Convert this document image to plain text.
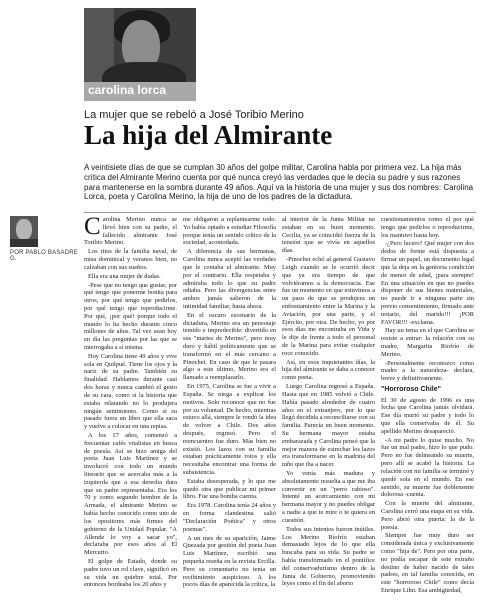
carolina lorca
La mujer que se rebeló a José Toribio Merino
La hija del Almirante

A veintisiete días de que se cumplan 30 años del golpe militar, Carolina habla por primera vez. La hija más crítica del Almirante Merino cuenta por qué nunca creyó las verdades que le decía su padre y sus razones para mantenerse en la sombra durante 49 años. Aquí va la historia de una mujer y sus dos nombres: Carolina Lorca, poeta y Carolina Merino, la hija de uno de los padres de la dictadura.

POR PABLO BASADRE G.

Carolina Merino nunca se llevó bien con su padre, el fallecido almirante José Toribio Merino.

Los ritos de la familia naval, de misa dominical y veranos bien, no calzaban con sus sueños.

Ella era una mujer de dudas.

-Pese que no tengo que gustar, por qué tengo que ponerme bonita para otros, por qué tengo que pedirlos, por qué tengo que reproducirme. Por qué, ¡por qué! porque todo el mundo lo ha hecho durante cinco millones de años. Tal vez sean hoy en día las preguntas por las que se interrogaba a sí misma.

Hoy Carolina tiene 49 años y vive sola en Quilpué. Tiene los ojos y la nariz de su padre. También su finalidad. Hablamos durante casi dos horas y nunca cambió el gesto de su cara, como si la historia que estaba relatando no lo produjera ningún sentimiento. Como si su pasado fuera un libro que ella saca y vuelve a colocar en una repisa.

A los 17 años, comenzó a frecuentar cafés vitalistas en busca de poesía. Así se hizo amiga del poeta Juan Luis Martínez y se involucró con todo un mundo literario que se acercaba más a la izquierda que a esa derecha dura que su padre representaba. Era los 70 y como segundo hombre de la Armada, el almirante Merino se había hecho conocido como uno de los opositores más firmes del gobierno de la Unidad Popular. "A Allende lo voy a sacar yo", declaraba por esos años al El Mercurio.

El golpe de Estado, donde su padre tuvo un rol clave, significó en su vida un quiebre total. Por entonces bordeaba los 20 años y

me obligaron a replantearme todo. Yo había optado a estudiar Filosofía porque tenía un sentido crítico de la sociedad, acomodada.

A diferencia de sus hermanas, Carolina nunca aceptó las verdades que le contaba el almirante. Muy por el contrario. Ella respetaba y admiraba todo lo que su padre odiaba. Pero las divergencias entre ambos jamás salieron de la intimidad familiar, hasta ahora.

En el oscuro escenario de la dictadura, Merino era un personaje temido e impredecible: divertido en sus "martes de Merino", pero muy duro y hábil políticamente que se transformó en el más cercano a Pinochet. En caso de que le pasara algo a este último, Merino era el llamado a reemplazarlo.

En 1975, Carolina se fue a vivir a España. Se niega a explicar los motivos. Solo reconoce que no fue por su voluntad. De hecho, mientras estuvo allá, siempre le rondó la idea de volver a Chile. Dos años después, regresó. Pero el reencuentro fue duro. Más bien no existió. Los lazos con su familia estaban prácticamente rotos y ella necesitaba encontrar una forma de subsistencia.

Estaba desesperada, y lo que me quedó otra que publicar mi primer libro. Fue una bomba cuenta.

Era 1978. Carolina tenía 24 años y en forma clandestina salió "Declaración Poética" y otros poemas".

A un mes de su aparición, Jaime Quezada por gestión del poeta Juan Luis Martínez, escribió una pequeña reseña en la revista Ercilla. Pero su comentario no tenía un recibimiento auspicioso. A los pocos días de aparecida la crítica, la

al interior de la Junta Militar no estaban en su buen momento. Cecilia, ya se coincidió fuerza de la tensión que se vivía en aquellos días.

-Pinochet echó al general Gustavo Leigh cuando se le ocurrió decir que ya era tiempo de que volviéramos a la democracia. Ese fue un momento en que estuvimos a un paso de que se produjera un enfrentamiento entre la Marina y la Aviación, por una parte, y el Ejército, por otra. De hecho, yo por esos días me encontraba en Viña y le dije de frente a todo el personal de la Marina para evitar cualquier roce conocido.

Así, en esos inquietantes días, la hija del almirante se daba a conocer como poeta.

Luego Carolina regresó a España. Hasta que en 1985 volvió a Chile. Había pasado alrededor de cuatro años en el extranjero, por lo que llegó decidida a reconciliarse con su familia. Parecía un buen momento. Su hermana mayor estaba embarazada y Carolina pensó que la mejor manera de estrechar los lazos era transformarse en la madrina del niño que iba a nacer.

Yo venía más madura y absolutamente resuelta a que me iba convertir en un "perro rabioso". Intenté un acercamiento con mi hermana mayor y no puedes obligar a nadie a que te mire o te quiera en cuestión.

Todos sus intentos fueron inútiles. Los Merino Ríofrío estaban demasiado lejos de lo que ella buscaba para su vida. Su padre se había transformado en el pontífice del conservadurismo dentro de la Junta de Gobierno, promoviendo leyes como el fin del aborto

cuestionamientos como el por qué tengo que pedirlos o reproducirme, los mantuvo hasta hoy.

-¿Pero lucero? Qué mujer con dos dedos de frente está dispuesta a firmar un papel, un documento legal que la deja en la gentoria condición de menor de edad, ¡para siempre! En una situación en que no puedes disponer de sus bienes materiales, no puede ir a ninguna parte sin previo consentimiento, firmado ante notario, del marido!!! ¡POR FAVOR!!! -exclama.

Hay un tema en el que Carolina se resiste a entrar: la relación con su madre, Margarita Riofrío de Merino.

-Personalmente reconozco como madre a la naturaleza- declara, breve y definitivamente.

"Horroroso Chile"

El 30 de agosto de 1996 es una fecha que Carolina jamás olvidará. Ese día murió su padre y todo lo que ella conservaba de él. Su apellido Merino desapareció.

-A mi padre lo quise mucho. No fue un mal padre, hizo lo que pudo. Pero no fue delineando su muerte, pero allí se acabó la historia. La relación con mi familia se terminó y quedé sola en el mundo. En ese sentido, su muerte fue doblemente dolorosa -cuenta.

Con la muerte del almirante, Carolina cerró una etapa en su vida. Pero abrió otra puerta: la de la poesía.

Siempre fue muy duro ser considerada única y exclusivamente como "hija de". Pero por otra parte, no podía escapar de este extraño destino de haber nacido de tales padres, en tal familia conocida, en este "horroroso Chile" como decía Enrique Lihn. Esa ambigüedad,
